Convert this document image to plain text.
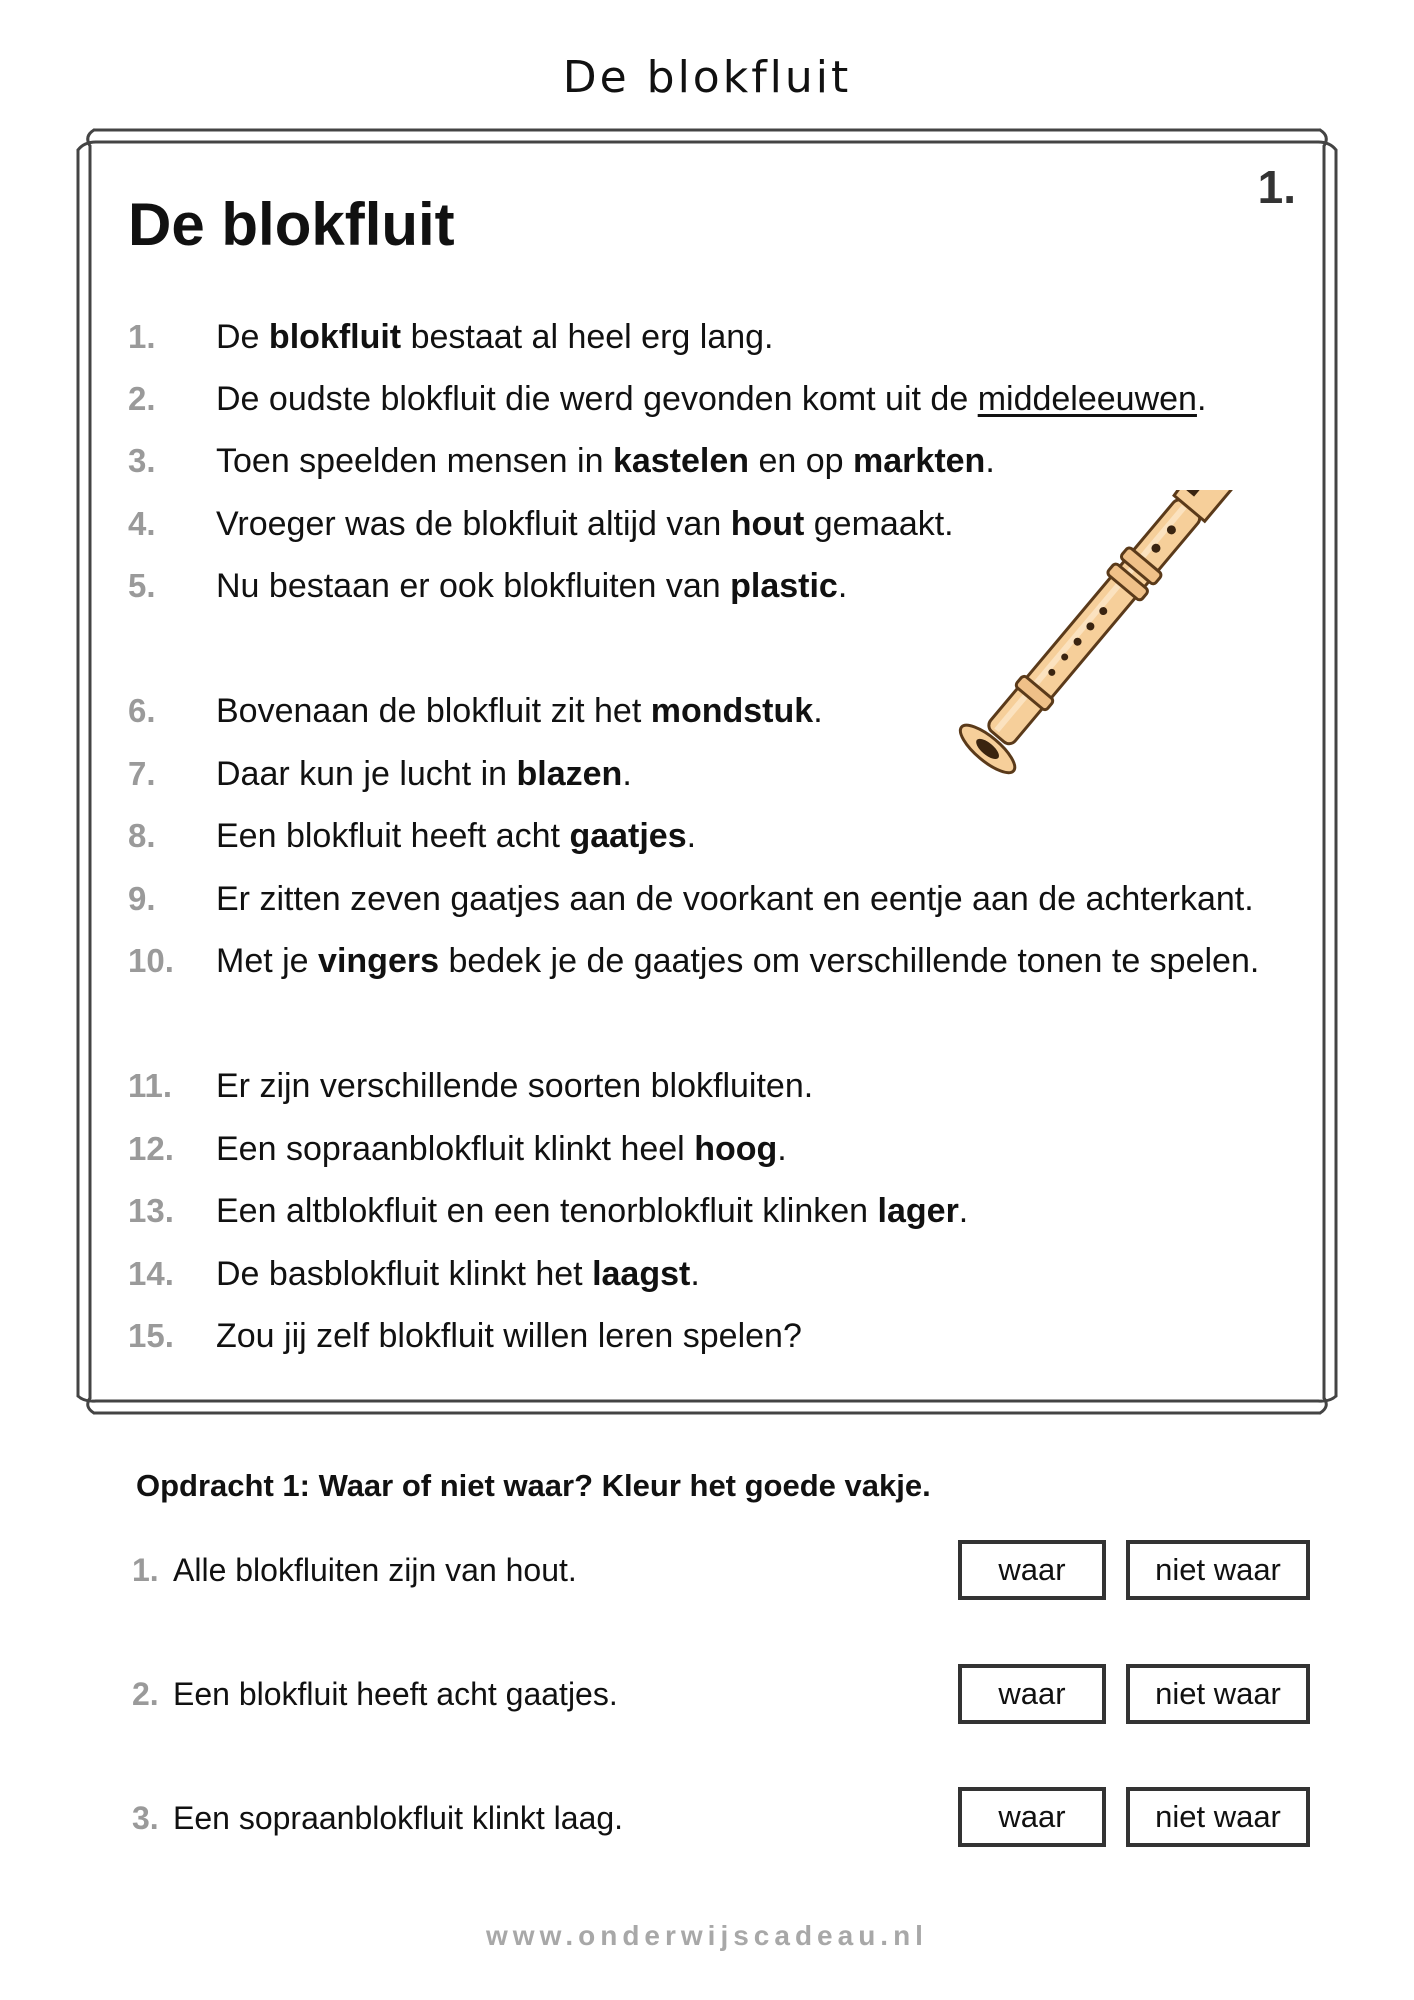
De blokfluit
1.
De blokfluit
1. De blokfluit bestaat al heel erg lang.
2. De oudste blokfluit die werd gevonden komt uit de middeleeuwen.
3. Toen speelden mensen in kastelen en op markten.
4. Vroeger was de blokfluit altijd van hout gemaakt.
5. Nu bestaan er ook blokfluiten van plastic.
6. Bovenaan de blokfluit zit het mondstuk.
7. Daar kun je lucht in blazen.
8. Een blokfluit heeft acht gaatjes.
9. Er zitten zeven gaatjes aan de voorkant en eentje aan de achterkant.
10. Met je vingers bedek je de gaatjes om verschillende tonen te spelen.
11. Er zijn verschillende soorten blokfluiten.
12. Een sopraanblokfluit klinkt heel hoog.
13. Een altblokfluit en een tenorblokfluit klinken lager.
14. De basblokfluit klinkt het laagst.
15. Zou jij zelf blokfluit willen leren spelen?
Opdracht 1: Waar of niet waar? Kleur het goede vakje.
1. Alle blokfluiten zijn van hout.	waar	niet waar
2. Een blokfluit heeft acht gaatjes.	waar	niet waar
3. Een sopraanblokfluit klinkt laag.	waar	niet waar
www.onderwijscadeau.nl
